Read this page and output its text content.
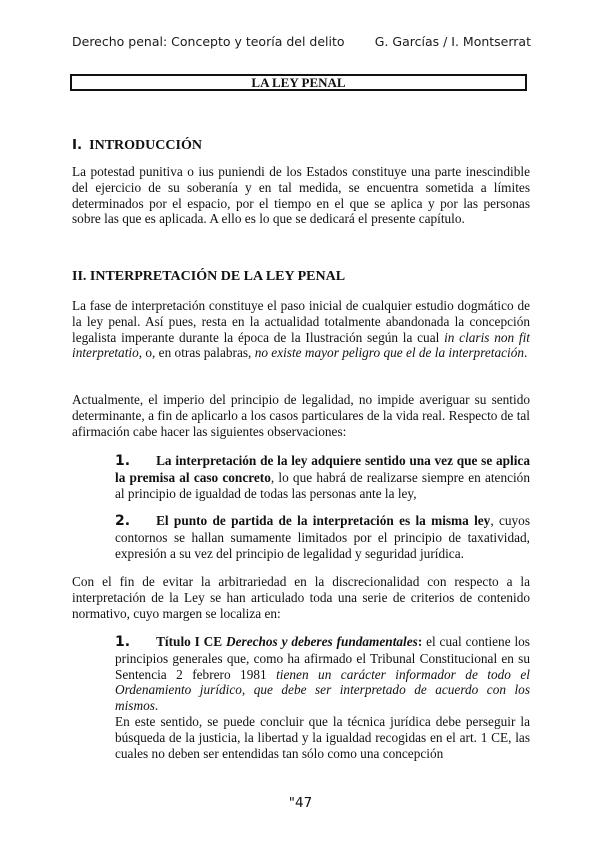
Derecho penal: Concepto y teoría del delito G. Garcías / I. Montserrat
LA LEY PENAL
I. INTRODUCCIÓN
La potestad punitiva o ius puniendi de los Estados constituye una parte inescindible del ejercicio de su soberanía y en tal medida, se encuentra sometida a límites determinados por el espacio, por el tiempo en el que se aplica y por las personas sobre las que es aplicada. A ello es lo que se dedicará el presente capítulo.
II. INTERPRETACIÓN DE LA LEY PENAL
La fase de interpretación constituye el paso inicial de cualquier estudio dogmático de la ley penal. Así pues, resta en la actualidad totalmente abandonada la concepción legalista imperante durante la época de la Ilustración según la cual in claris non fit interpretatio, o, en otras palabras, no existe mayor peligro que el de la interpretación.
Actualmente, el imperio del principio de legalidad, no impide averiguar su sentido determinante, a fin de aplicarlo a los casos particulares de la vida real. Respecto de tal afirmación cabe hacer las siguientes observaciones:
1. La interpretación de la ley adquiere sentido una vez que se aplica la premisa al caso concreto, lo que habrá de realizarse siempre en atención al principio de igualdad de todas las personas ante la ley,
2. El punto de partida de la interpretación es la misma ley, cuyos contornos se hallan sumamente limitados por el principio de taxatividad, expresión a su vez del principio de legalidad y seguridad jurídica.
Con el fin de evitar la arbitrariedad en la discrecionalidad con respecto a la interpretación de la Ley se han articulado toda una serie de criterios de contenido normativo, cuyo margen se localiza en:
1. Título I CE Derechos y deberes fundamentales: el cual contiene los principios generales que, como ha afirmado el Tribunal Constitucional en su Sentencia 2 febrero 1981 tienen un carácter informador de todo el Ordenamiento jurídico, que debe ser interpretado de acuerdo con los mismos.
En este sentido, se puede concluir que la técnica jurídica debe perseguir la búsqueda de la justicia, la libertad y la igualdad recogidas en el art. 1 CE, las cuales no deben ser entendidas tan sólo como una concepción
"47
